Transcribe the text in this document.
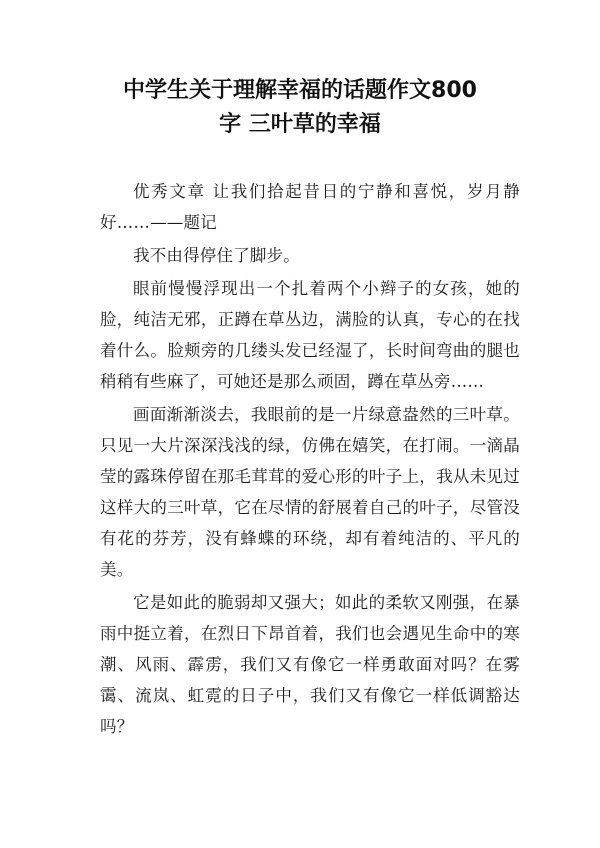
中学生关于理解幸福的话题作文800
字 三叶草的幸福

优秀文章 让我们拾起昔日的宁静和喜悦，岁月静好……——题记

我不由得停住了脚步。

眼前慢慢浮现出一个扎着两个小辫子的女孩，她的脸，纯洁无邪，正蹲在草丛边，满脸的认真，专心的在找着什么。脸颊旁的几缕头发已经湿了，长时间弯曲的腿也稍稍有些麻了，可她还是那么顽固，蹲在草丛旁……

画面渐渐淡去，我眼前的是一片绿意盎然的三叶草。只见一大片深深浅浅的绿，仿佛在嬉笑，在打闹。一滴晶莹的露珠停留在那毛茸茸的爱心形的叶子上，我从未见过这样大的三叶草，它在尽情的舒展着自己的叶子，尽管没有花的芬芳，没有蜂蝶的环绕，却有着纯洁的、平凡的美。

它是如此的脆弱却又强大；如此的柔软又刚强，在暴雨中挺立着，在烈日下昂首着，我们也会遇见生命中的寒潮、风雨、霹雳，我们又有像它一样勇敢面对吗？在雾霭、流岚、虹霓的日子中，我们又有像它一样低调豁达吗？
